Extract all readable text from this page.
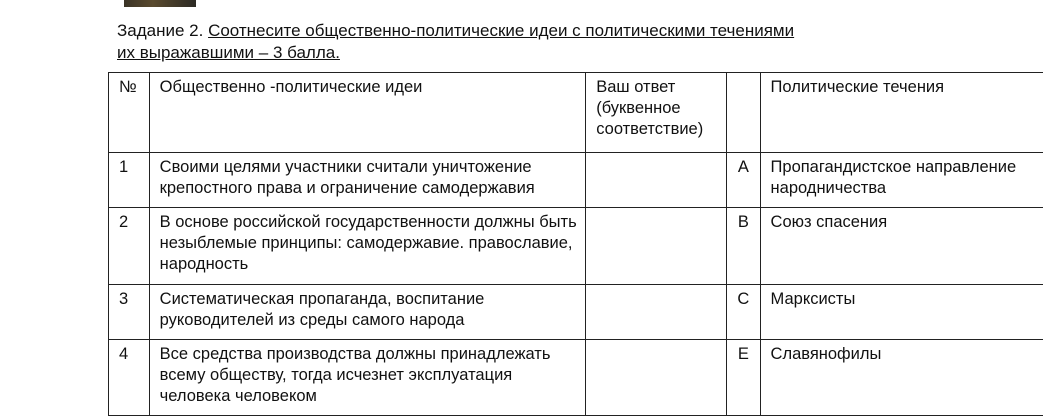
Задание 2. Соотнесите общественно-политические идеи с политическими течениями
их выражавшими – 3 балла.
№	Общественно -политические идеи	Ваш ответ (буквенное соответствие)		Политические течения
1	Своими целями участники считали уничтожение крепостного права и ограничение самодержавия		A	Пропагандистское направление народничества
2	В основе российской государственности должны быть незыблемые принципы: самодержавие. православие, народность		B	Союз спасения
3	Систематическая пропаганда, воспитание руководителей из среды самого народа		C	Марксисты
4	Все средства производства должны принадлежать всему обществу, тогда исчезнет эксплуатация человека человеком		E	Славянофилы
